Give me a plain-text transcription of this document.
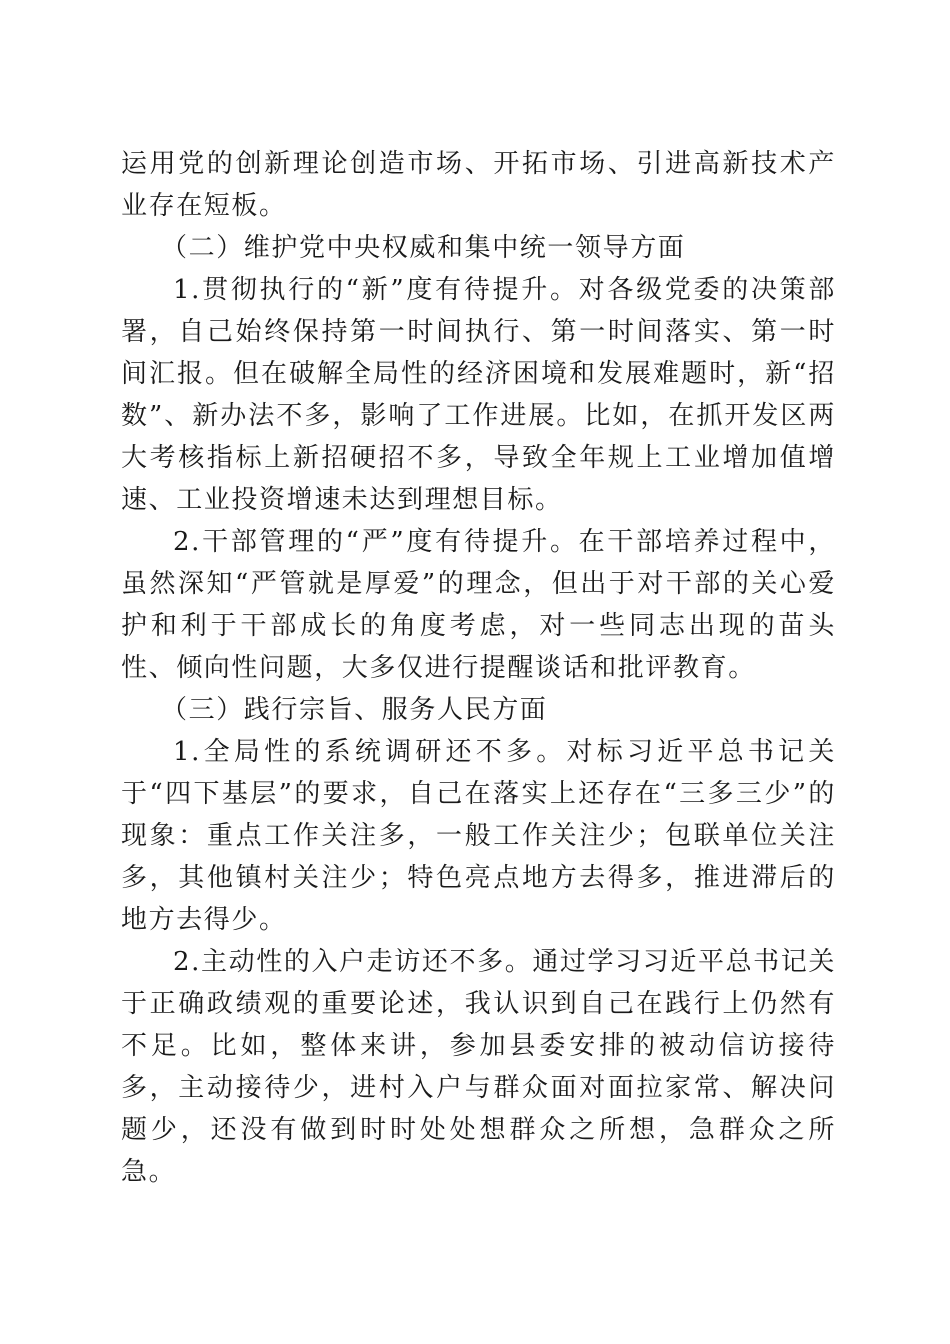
运用党的创新理论创造市场、开拓市场、引进高新技术产业存在短板。

（二）维护党中央权威和集中统一领导方面

1.贯彻执行的“新”度有待提升。对各级党委的决策部署，自己始终保持第一时间执行、第一时间落实、第一时间汇报。但在破解全局性的经济困境和发展难题时，新“招数”、新办法不多，影响了工作进展。比如，在抓开发区两大考核指标上新招硬招不多，导致全年规上工业增加值增速、工业投资增速未达到理想目标。

2.干部管理的“严”度有待提升。在干部培养过程中，虽然深知“严管就是厚爱”的理念，但出于对干部的关心爱护和利于干部成长的角度考虑，对一些同志出现的苗头性、倾向性问题，大多仅进行提醒谈话和批评教育。

（三）践行宗旨、服务人民方面

1.全局性的系统调研还不多。对标习近平总书记关于“四下基层”的要求，自己在落实上还存在“三多三少”的现象：重点工作关注多，一般工作关注少；包联单位关注多，其他镇村关注少；特色亮点地方去得多，推进滞后的地方去得少。

2.主动性的入户走访还不多。通过学习习近平总书记关于正确政绩观的重要论述，我认识到自己在践行上仍然有不足。比如，整体来讲，参加县委安排的被动信访接待多，主动接待少，进村入户与群众面对面拉家常、解决问题少，还没有做到时时处处想群众之所想，急群众之所急。
